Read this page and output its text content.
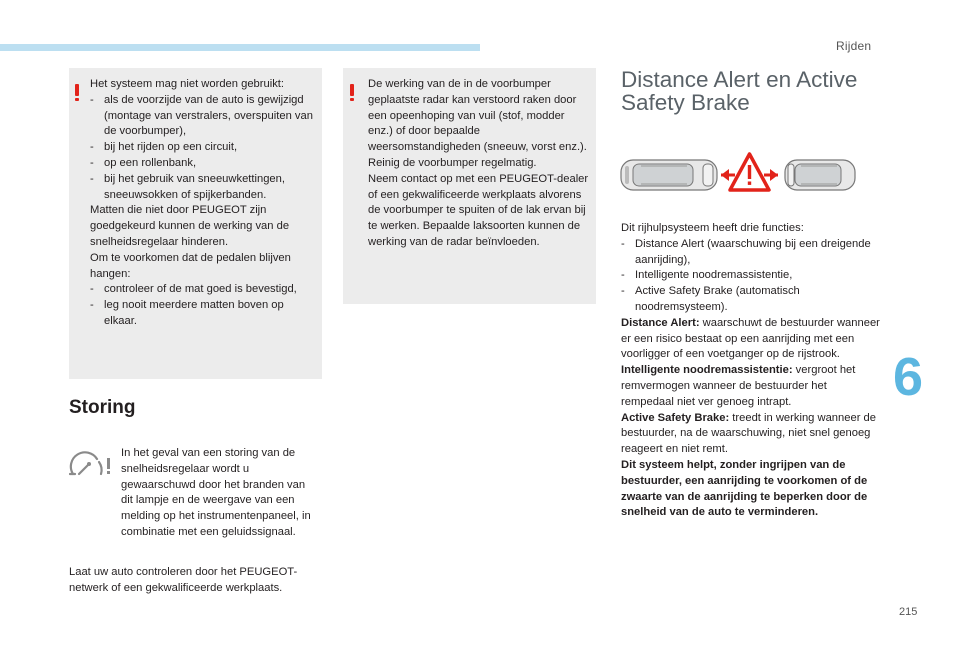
Rijden

Het systeem mag niet worden gebruikt:

- als de voorzijde van de auto is gewijzigd (montage van verstralers, overspuiten van de voorbumper),
- bij het rijden op een circuit,
- op een rollenbank,
- bij het gebruik van sneeuwkettingen, sneeuwsokken of spijkerbanden.

Matten die niet door PEUGEOT zijn goedgekeurd kunnen de werking van de snelheidsregelaar hinderen.

Om te voorkomen dat de pedalen blijven hangen:

- controleer of de mat goed is bevestigd,
- leg nooit meerdere matten boven op elkaar.

De werking van de in de voorbumper geplaatste radar kan verstoord raken door een opeenhoping van vuil (stof, modder enz.) of door bepaalde weersomstandigheden (sneeuw, vorst enz.).

Reinig de voorbumper regelmatig.

Neem contact op met een PEUGEOT-dealer of een gekwalificeerde werkplaats alvorens de voorbumper te spuiten of de lak ervan bij te werken. Bepaalde laksoorten kunnen de werking van de radar beïnvloeden.

Storing
In het geval van een storing van de snelheidsregelaar wordt u gewaarschuwd door het branden van dit lampje en de weergave van een melding op het instrumentenpaneel, in combinatie met een geluidssignaal.
Laat uw auto controleren door het PEUGEOT-netwerk of een gekwalificeerde werkplaats.
Distance Alert en Active
Safety Brake

Dit rijhulpsysteem heeft drie functies:

- Distance Alert (waarschuwing bij een dreigende aanrijding),
- Intelligente noodremassistentie,
- Active Safety Brake (automatisch noodremsysteem).

Distance Alert: waarschuwt de bestuurder wanneer er een risico bestaat op een aanrijding met een voorligger of een voetganger op de rijstrook.

Intelligente noodremassistentie: vergroot het remvermogen wanneer de bestuurder het rempedaal niet ver genoeg intrapt.

Active Safety Brake: treedt in werking wanneer de bestuurder, na de waarschuwing, niet snel genoeg reageert en niet remt.

Dit systeem helpt, zonder ingrijpen van de bestuurder, een aanrijding te voorkomen of de zwaarte van de aanrijding te beperken door de snelheid van de auto te verminderen.

6
215
